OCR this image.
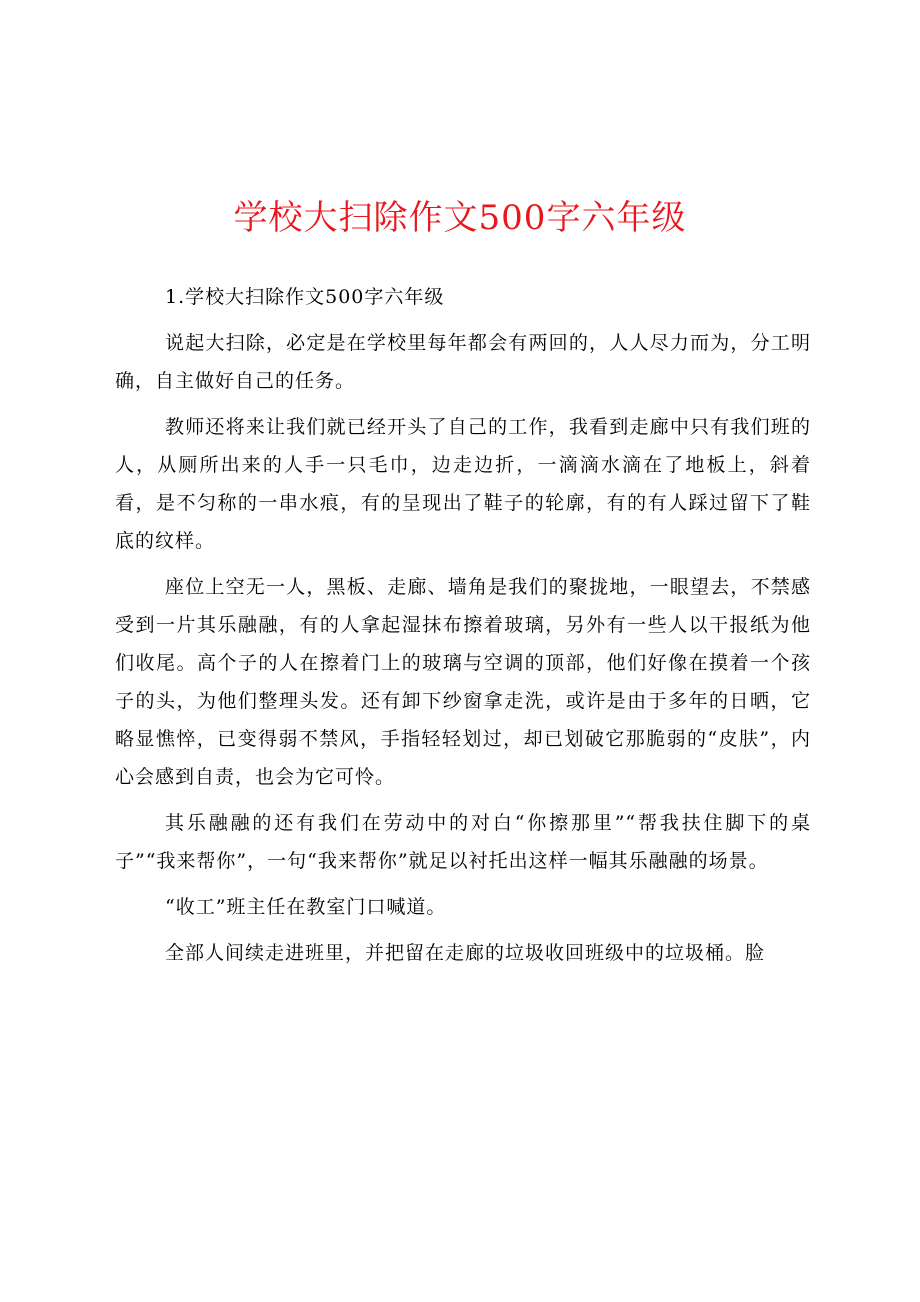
学校大扫除作文500字六年级

1.学校大扫除作文500字六年级

说起大扫除，必定是在学校里每年都会有两回的，人人尽力而为，分工明确，自主做好自己的任务。

教师还将来让我们就已经开头了自己的工作，我看到走廊中只有我们班的人，从厕所出来的人手一只毛巾，边走边折，一滴滴水滴在了地板上，斜着看，是不匀称的一串水痕，有的呈现出了鞋子的轮廓，有的有人踩过留下了鞋底的纹样。

座位上空无一人，黑板、走廊、墙角是我们的聚拢地，一眼望去，不禁感受到一片其乐融融，有的人拿起湿抹布擦着玻璃，另外有一些人以干报纸为他们收尾。高个子的人在擦着门上的玻璃与空调的顶部，他们好像在摸着一个孩子的头，为他们整理头发。还有卸下纱窗拿走洗，或许是由于多年的日晒，它略显憔悴，已变得弱不禁风，手指轻轻划过，却已划破它那脆弱的“皮肤”，内心会感到自责，也会为它可怜。

其乐融融的还有我们在劳动中的对白“你擦那里”“帮我扶住脚下的桌子”“我来帮你”，一句“我来帮你”就足以衬托出这样一幅其乐融融的场景。

“收工”班主任在教室门口喊道。

全部人间续走进班里，并把留在走廊的垃圾收回班级中的垃圾桶。脸
